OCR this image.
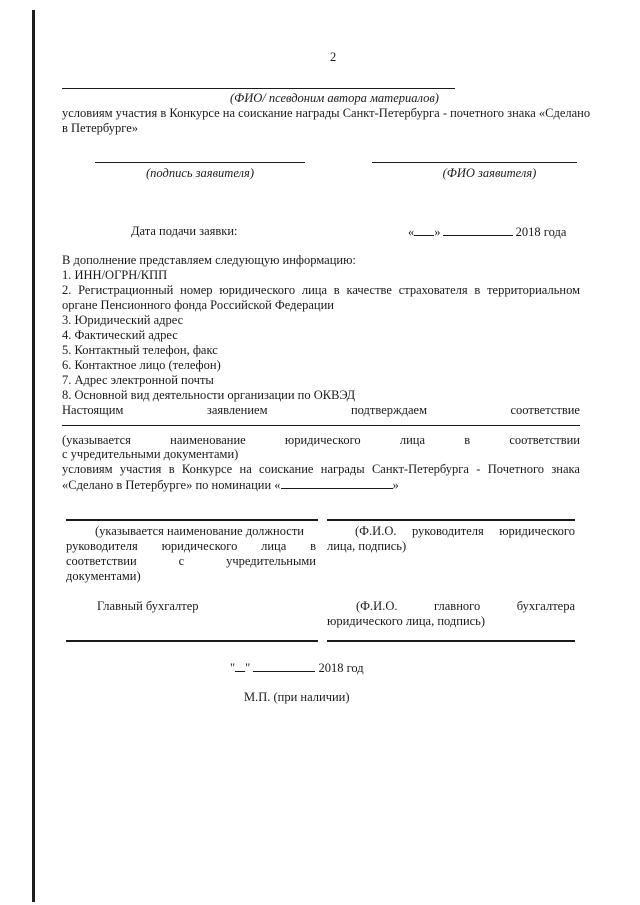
2
(ФИО/ псевдоним автора материалов)
условиям участия в Конкурсе на соискание награды Санкт-Петербурга - почетного знака «Сделано
в Петербурге»
(подпись заявителя)	(ФИО заявителя)
Дата подачи заявки:	« »	2018 года
В дополнение представляем следующую информацию:
1. ИНН/ОГРН/КПП
2. Регистрационный номер юридического лица в качестве страхователя в территориальном
органе Пенсионного фонда Российской Федерации
3. Юридический адрес
4. Фактический адрес
5. Контактный телефон, факс
6. Контактное лицо (телефон)
7. Адрес электронной почты
8. Основной вид деятельности организации по ОКВЭД
Настоящим	заявлением	подтверждаем	соответствие
(указывается	наименование	юридического	лица	в	соответствии
с учредительными документами)
условиям участия в Конкурсе на соискание награды Санкт-Петербурга - Почетного знака
«Сделано в Петербурге» по номинации «	»
(указывается наименование должности
руководителя юридического лица в
соответствии	с	учредительными
документами)
(Ф.И.О. руководителя юридического
лица, подпись)
Главный бухгалтер	(Ф.И.О.	главного	бухгалтера
юридического лица, подпись)
" "	2018 год
М.П. (при наличии)
